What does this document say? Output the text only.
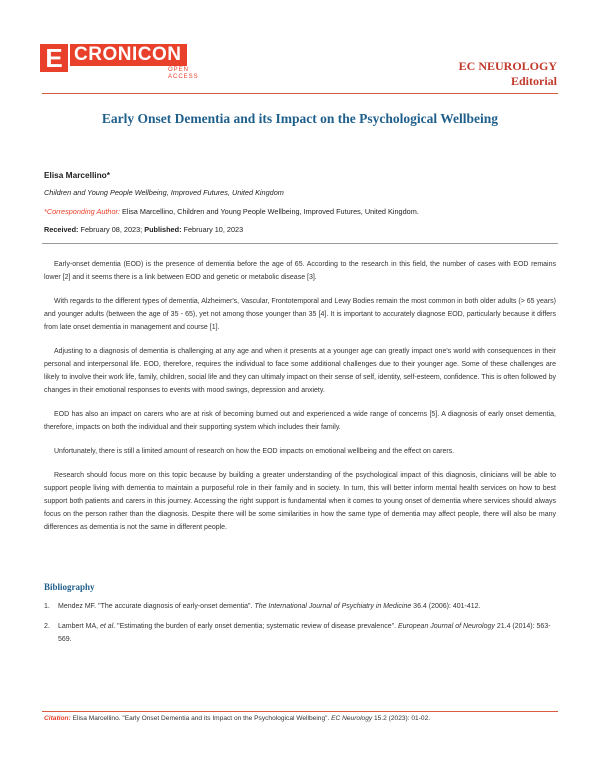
E CRONICON
OPEN ACCESS
EC NEUROLOGY
Editorial
Early Onset Dementia and its Impact on the Psychological Wellbeing
Elisa Marcellino*
Children and Young People Wellbeing, Improved Futures, United Kingdom
*Corresponding Author: Elisa Marcellino, Children and Young People Wellbeing, Improved Futures, United Kingdom.
Received: February 08, 2023; Published: February 10, 2023

Early-onset dementia (EOD) is the presence of dementia before the age of 65. According to the research in this field, the number of cases with EOD remains lower [2] and it seems there is a link between EOD and genetic or metabolic disease [3].

With regards to the different types of dementia, Alzheimer's, Vascular, Frontotemporal and Lewy Bodies remain the most common in both older adults (> 65 years) and younger adults (between the age of 35 - 65), yet not among those younger than 35 [4]. It is important to accurately diagnose EOD, particularly because it differs from late onset dementia in management and course [1].

Adjusting to a diagnosis of dementia is challenging at any age and when it presents at a younger age can greatly impact one's world with consequences in their personal and interpersonal life. EOD, therefore, requires the individual to face some additional challenges due to their younger age. Some of these challenges are likely to involve their work life, family, children, social life and they can ultimaly impact on their sense of self, identity, self-esteem, confidence. This is often followed by changes in their emotional responses to events with mood swings, depression and anxiety.

EOD has also an impact on carers who are at risk of becoming burned out and experienced a wide range of concerns [5]. A diagnosis of early onset dementia, therefore, impacts on both the individual and their supporting system which includes their family.

Unfortunately, there is still a limited amount of research on how the EOD impacts on emotional wellbeing and the effect on carers.

Research should focus more on this topic because by building a greater understanding of the psychological impact of this diagnosis, clinicians will be able to support people living with dementia to maintain a purposeful role in their family and in society. In turn, this will better inform mental health services on how to best support both patients and carers in this journey. Accessing the right support is fundamental when it comes to young onset of dementia where services should always focus on the person rather than the diagnosis. Despite there will be some similarities in how the same type of dementia may affect people, there will also be many differences as dementia is not the same in different people.

Bibliography
1. Mendez MF. "The accurate diagnosis of early-onset dementia". The International Journal of Psychiatry in Medicine 36.4 (2006): 401-412.
2. Lambert MA, et al. "Estimating the burden of early onset dementia; systematic review of disease prevalence". European Journal of Neurology 21.4 (2014): 563-569.
Citation: Elisa Marcellino. "Early Onset Dementia and its Impact on the Psychological Wellbeing". EC Neurology 15.2 (2023): 01-02.
